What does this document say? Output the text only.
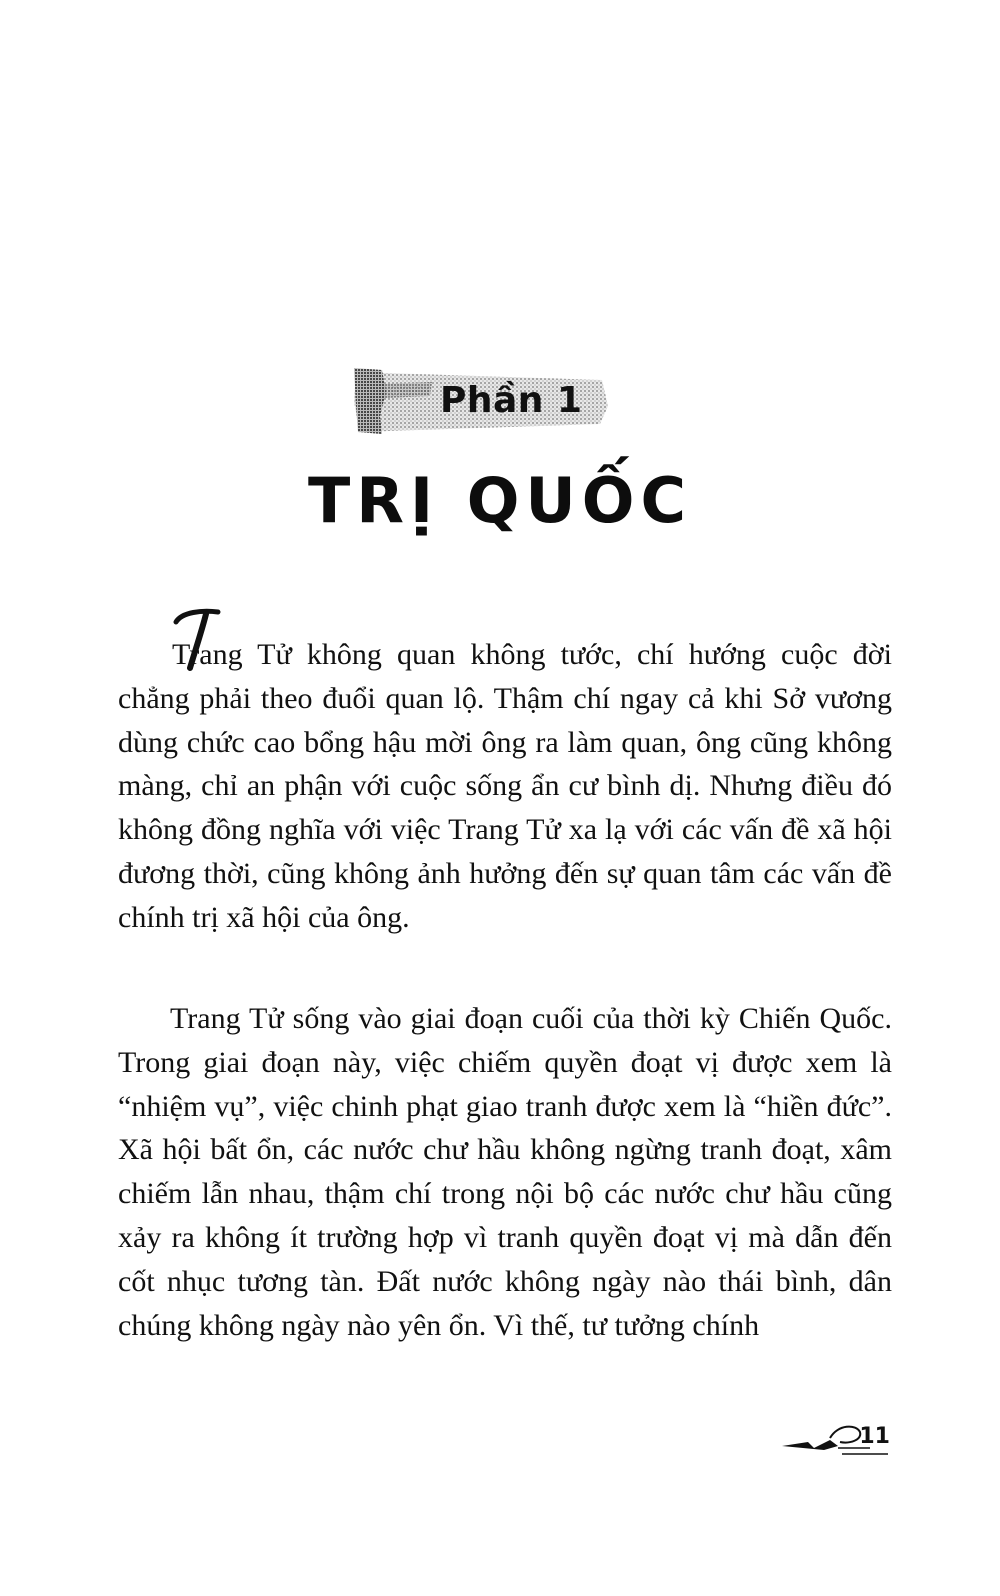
Phần 1
TRỊ QUỐC

Trang Tử không quan không tước, chí hướng cuộc đời chẳng phải theo đuổi quan lộ. Thậm chí ngay cả khi Sở vương dùng chức cao bổng hậu mời ông ra làm quan, ông cũng không màng, chỉ an phận với cuộc sống ẩn cư bình dị. Nhưng điều đó không đồng nghĩa với việc Trang Tử xa lạ với các vấn đề xã hội đương thời, cũng không ảnh hưởng đến sự quan tâm các vấn đề chính trị xã hội của ông.

Trang Tử sống vào giai đoạn cuối của thời kỳ Chiến Quốc. Trong giai đoạn này, việc chiếm quyền đoạt vị được xem là “nhiệm vụ”, việc chinh phạt giao tranh được xem là “hiền đức”. Xã hội bất ổn, các nước chư hầu không ngừng tranh đoạt, xâm chiếm lẫn nhau, thậm chí trong nội bộ các nước chư hầu cũng xảy ra không ít trường hợp vì tranh quyền đoạt vị mà dẫn đến cốt nhục tương tàn. Đất nước không ngày nào thái bình, dân chúng không ngày nào yên ổn. Vì thế, tư tưởng chính

11
